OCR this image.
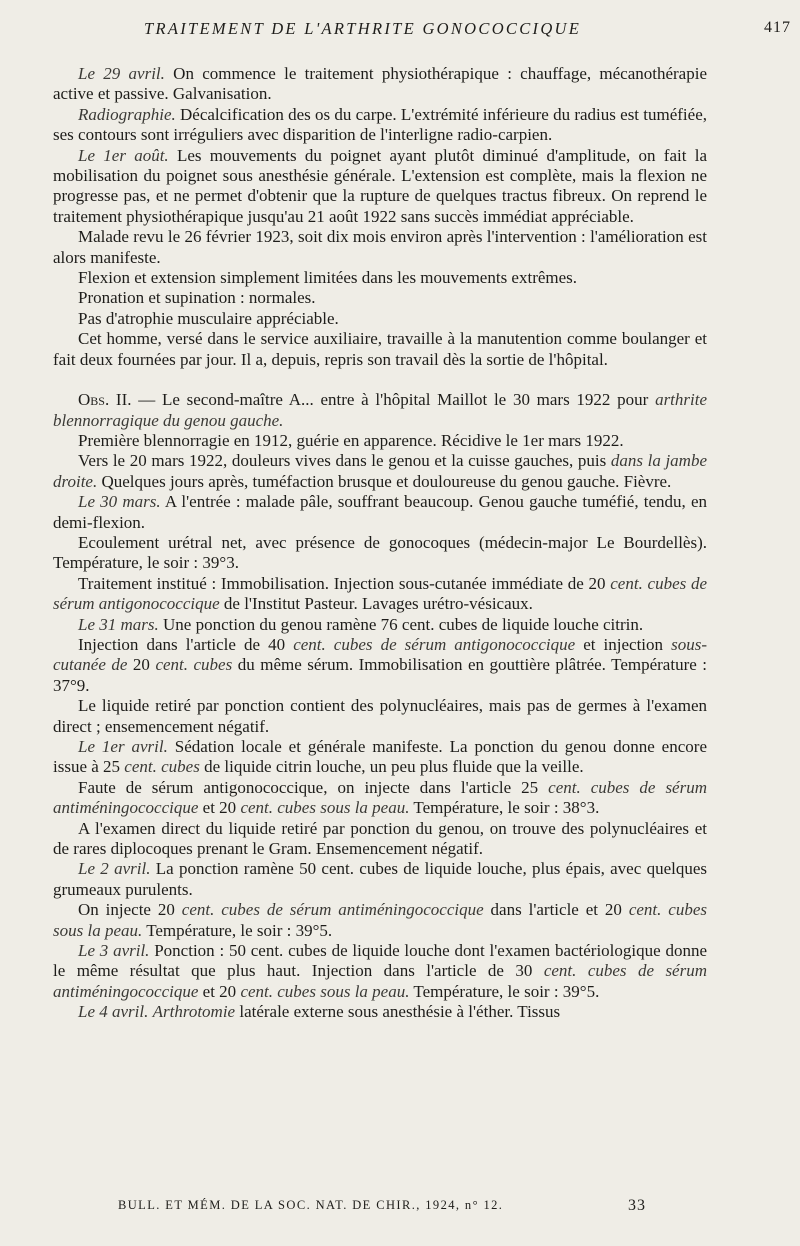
TRAITEMENT DE L'ARTHRITE GONOCOCCIQUE	417

Le 29 avril. On commence le traitement physiothérapique : chauffage, mécanothérapie active et passive. Galvanisation.

Radiographie. Décalcification des os du carpe. L'extrémité inférieure du radius est tuméfiée, ses contours sont irréguliers avec disparition de l'interligne radio-carpien.

Le 1er août. Les mouvements du poignet ayant plutôt diminué d'amplitude, on fait la mobilisation du poignet sous anesthésie générale. L'extension est complète, mais la flexion ne progresse pas, et ne permet d'obtenir que la rupture de quelques tractus fibreux. On reprend le traitement physiothérapique jusqu'au 21 août 1922 sans succès immédiat appréciable.

Malade revu le 26 février 1923, soit dix mois environ après l'intervention : l'amélioration est alors manifeste.

Flexion et extension simplement limitées dans les mouvements extrêmes.

Pronation et supination : normales.

Pas d'atrophie musculaire appréciable.

Cet homme, versé dans le service auxiliaire, travaille à la manutention comme boulanger et fait deux fournées par jour. Il a, depuis, repris son travail dès la sortie de l'hôpital.

Obs. II. — Le second-maître A... entre à l'hôpital Maillot le 30 mars 1922 pour arthrite blennorragique du genou gauche.

Première blennorragie en 1912, guérie en apparence. Récidive le 1er mars 1922.

Vers le 20 mars 1922, douleurs vives dans le genou et la cuisse gauches, puis dans la jambe droite. Quelques jours après, tuméfaction brusque et douloureuse du genou gauche. Fièvre.

Le 30 mars. A l'entrée : malade pâle, souffrant beaucoup. Genou gauche tuméfié, tendu, en demi-flexion.

Ecoulement urétral net, avec présence de gonocoques (médecin-major Le Bourdellès). Température, le soir : 39°3.

Traitement institué : Immobilisation. Injection sous-cutanée immédiate de 20 cent. cubes de sérum antigonococcique de l'Institut Pasteur. Lavages urétro-vésicaux.

Le 31 mars. Une ponction du genou ramène 76 cent. cubes de liquide louche citrin.

Injection dans l'article de 40 cent. cubes de sérum antigonococcique et injection sous-cutanée de 20 cent. cubes du même sérum. Immobilisation en gouttière plâtrée. Température : 37°9.

Le liquide retiré par ponction contient des polynucléaires, mais pas de germes à l'examen direct ; ensemencement négatif.

Le 1er avril. Sédation locale et générale manifeste. La ponction du genou donne encore issue à 25 cent. cubes de liquide citrin louche, un peu plus fluide que la veille.

Faute de sérum antigonococcique, on injecte dans l'article 25 cent. cubes de sérum antiméningococcique et 20 cent. cubes sous la peau. Température, le soir : 38°3.

A l'examen direct du liquide retiré par ponction du genou, on trouve des polynucléaires et de rares diplocoques prenant le Gram. Ensemencement négatif.

Le 2 avril. La ponction ramène 50 cent. cubes de liquide louche, plus épais, avec quelques grumeaux purulents.

On injecte 20 cent. cubes de sérum antiméningococcique dans l'article et 20 cent. cubes sous la peau. Température, le soir : 39°5.

Le 3 avril. Ponction : 50 cent. cubes de liquide louche dont l'examen bactériologique donne le même résultat que plus haut. Injection dans l'article de 30 cent. cubes de sérum antiméningococcique et 20 cent. cubes sous la peau. Température, le soir : 39°5.

Le 4 avril. Arthrotomie latérale externe sous anesthésie à l'éther. Tissus

BULL. ET MÉM. DE LA SOC. NAT. DE CHIR., 1924, n° 12.	33
